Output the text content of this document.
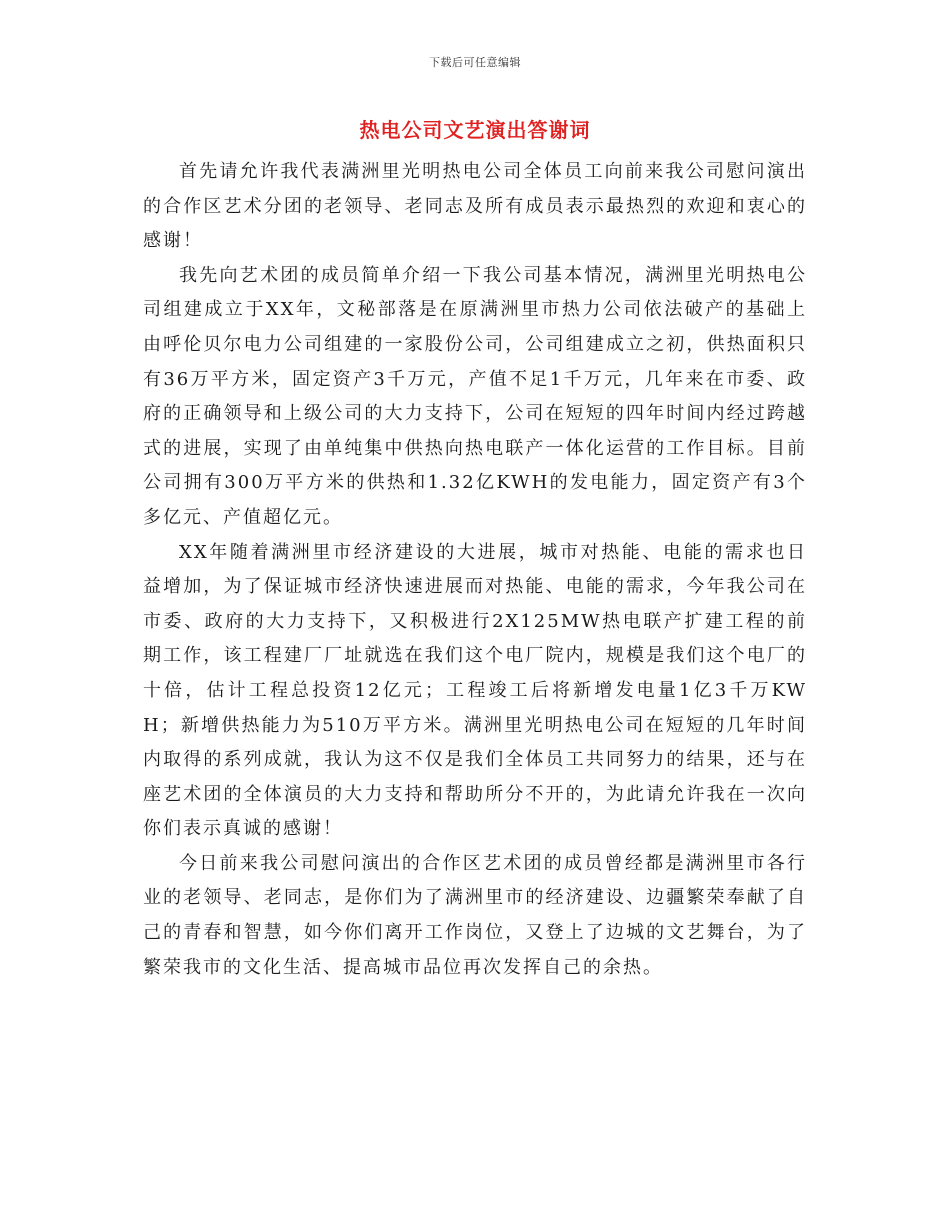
下载后可任意编辑
热电公司文艺演出答谢词

首先请允许我代表满洲里光明热电公司全体员工向前来我公司慰问演出的合作区艺术分团的老领导、老同志及所有成员表示最热烈的欢迎和衷心的感谢！

我先向艺术团的成员简单介绍一下我公司基本情况，满洲里光明热电公司组建成立于XX年，文秘部落是在原满洲里市热力公司依法破产的基础上由呼伦贝尔电力公司组建的一家股份公司，公司组建成立之初，供热面积只有36万平方米，固定资产3千万元，产值不足1千万元，几年来在市委、政府的正确领导和上级公司的大力支持下，公司在短短的四年时间内经过跨越式的进展，实现了由单纯集中供热向热电联产一体化运营的工作目标。目前公司拥有300万平方米的供热和1.32亿KWH的发电能力，固定资产有3个多亿元、产值超亿元。

XX年随着满洲里市经济建设的大进展，城市对热能、电能的需求也日益增加，为了保证城市经济快速进展而对热能、电能的需求，今年我公司在市委、政府的大力支持下，又积极进行2X125MW热电联产扩建工程的前期工作，该工程建厂厂址就选在我们这个电厂院内，规模是我们这个电厂的十倍，估计工程总投资12亿元；工程竣工后将新增发电量1亿3千万KWH；新增供热能力为510万平方米。满洲里光明热电公司在短短的几年时间内取得的系列成就，我认为这不仅是我们全体员工共同努力的结果，还与在座艺术团的全体演员的大力支持和帮助所分不开的，为此请允许我在一次向你们表示真诚的感谢！

今日前来我公司慰问演出的合作区艺术团的成员曾经都是满洲里市各行业的老领导、老同志，是你们为了满洲里市的经济建设、边疆繁荣奉献了自己的青春和智慧，如今你们离开工作岗位，又登上了边城的文艺舞台，为了繁荣我市的文化生活、提高城市品位再次发挥自己的余热。
